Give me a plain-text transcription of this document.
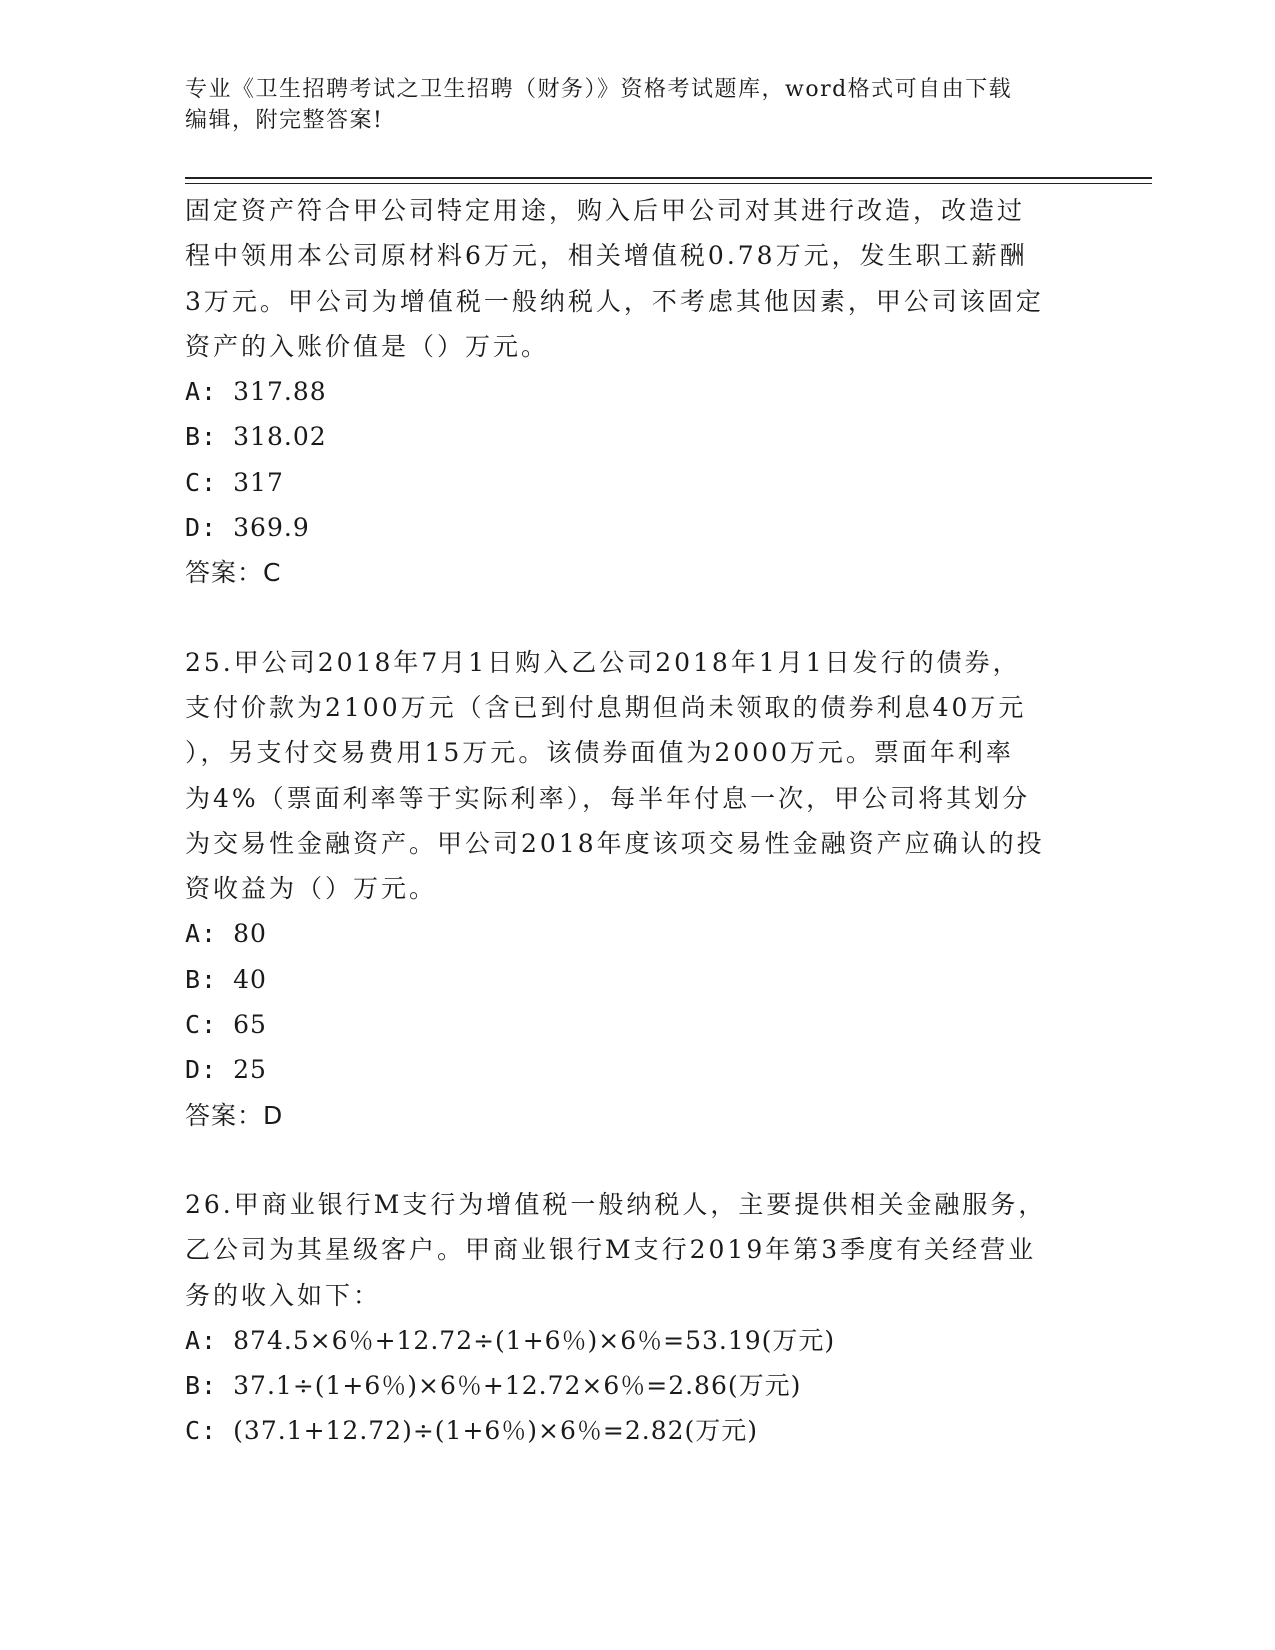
专业《卫生招聘考试之卫生招聘（财务）》资格考试题库，word格式可自由下载
编辑，附完整答案!

固定资产符合甲公司特定用途，购入后甲公司对其进行改造，改造过

程中领用本公司原材料6万元，相关增值税0.78万元，发生职工薪酬

3万元。甲公司为增值税一般纳税人，不考虑其他因素，甲公司该固定

资产的入账价值是（）万元。

A: 317.88

B: 318.02

C: 317

D: 369.9

答案：C

25.甲公司2018年7月1日购入乙公司2018年1月1日发行的债券，

支付价款为2100万元（含已到付息期但尚未领取的债券利息40万元

），另支付交易费用15万元。该债券面值为2000万元。票面年利率

为4%（票面利率等于实际利率），每半年付息一次，甲公司将其划分

为交易性金融资产。甲公司2018年度该项交易性金融资产应确认的投

资收益为（）万元。

A: 80

B: 40

C: 65

D: 25

答案：D

26.甲商业银行M支行为增值税一般纳税人，主要提供相关金融服务，

乙公司为其星级客户。甲商业银行M支行2019年第3季度有关经营业

务的收入如下：

A: 874.5×6％+12.72÷(1+6％)×6％=53.19(万元)

B: 37.1÷(1+6％)×6％+12.72×6％=2.86(万元)

C: (37.1+12.72)÷(1+6％)×6％=2.82(万元)
